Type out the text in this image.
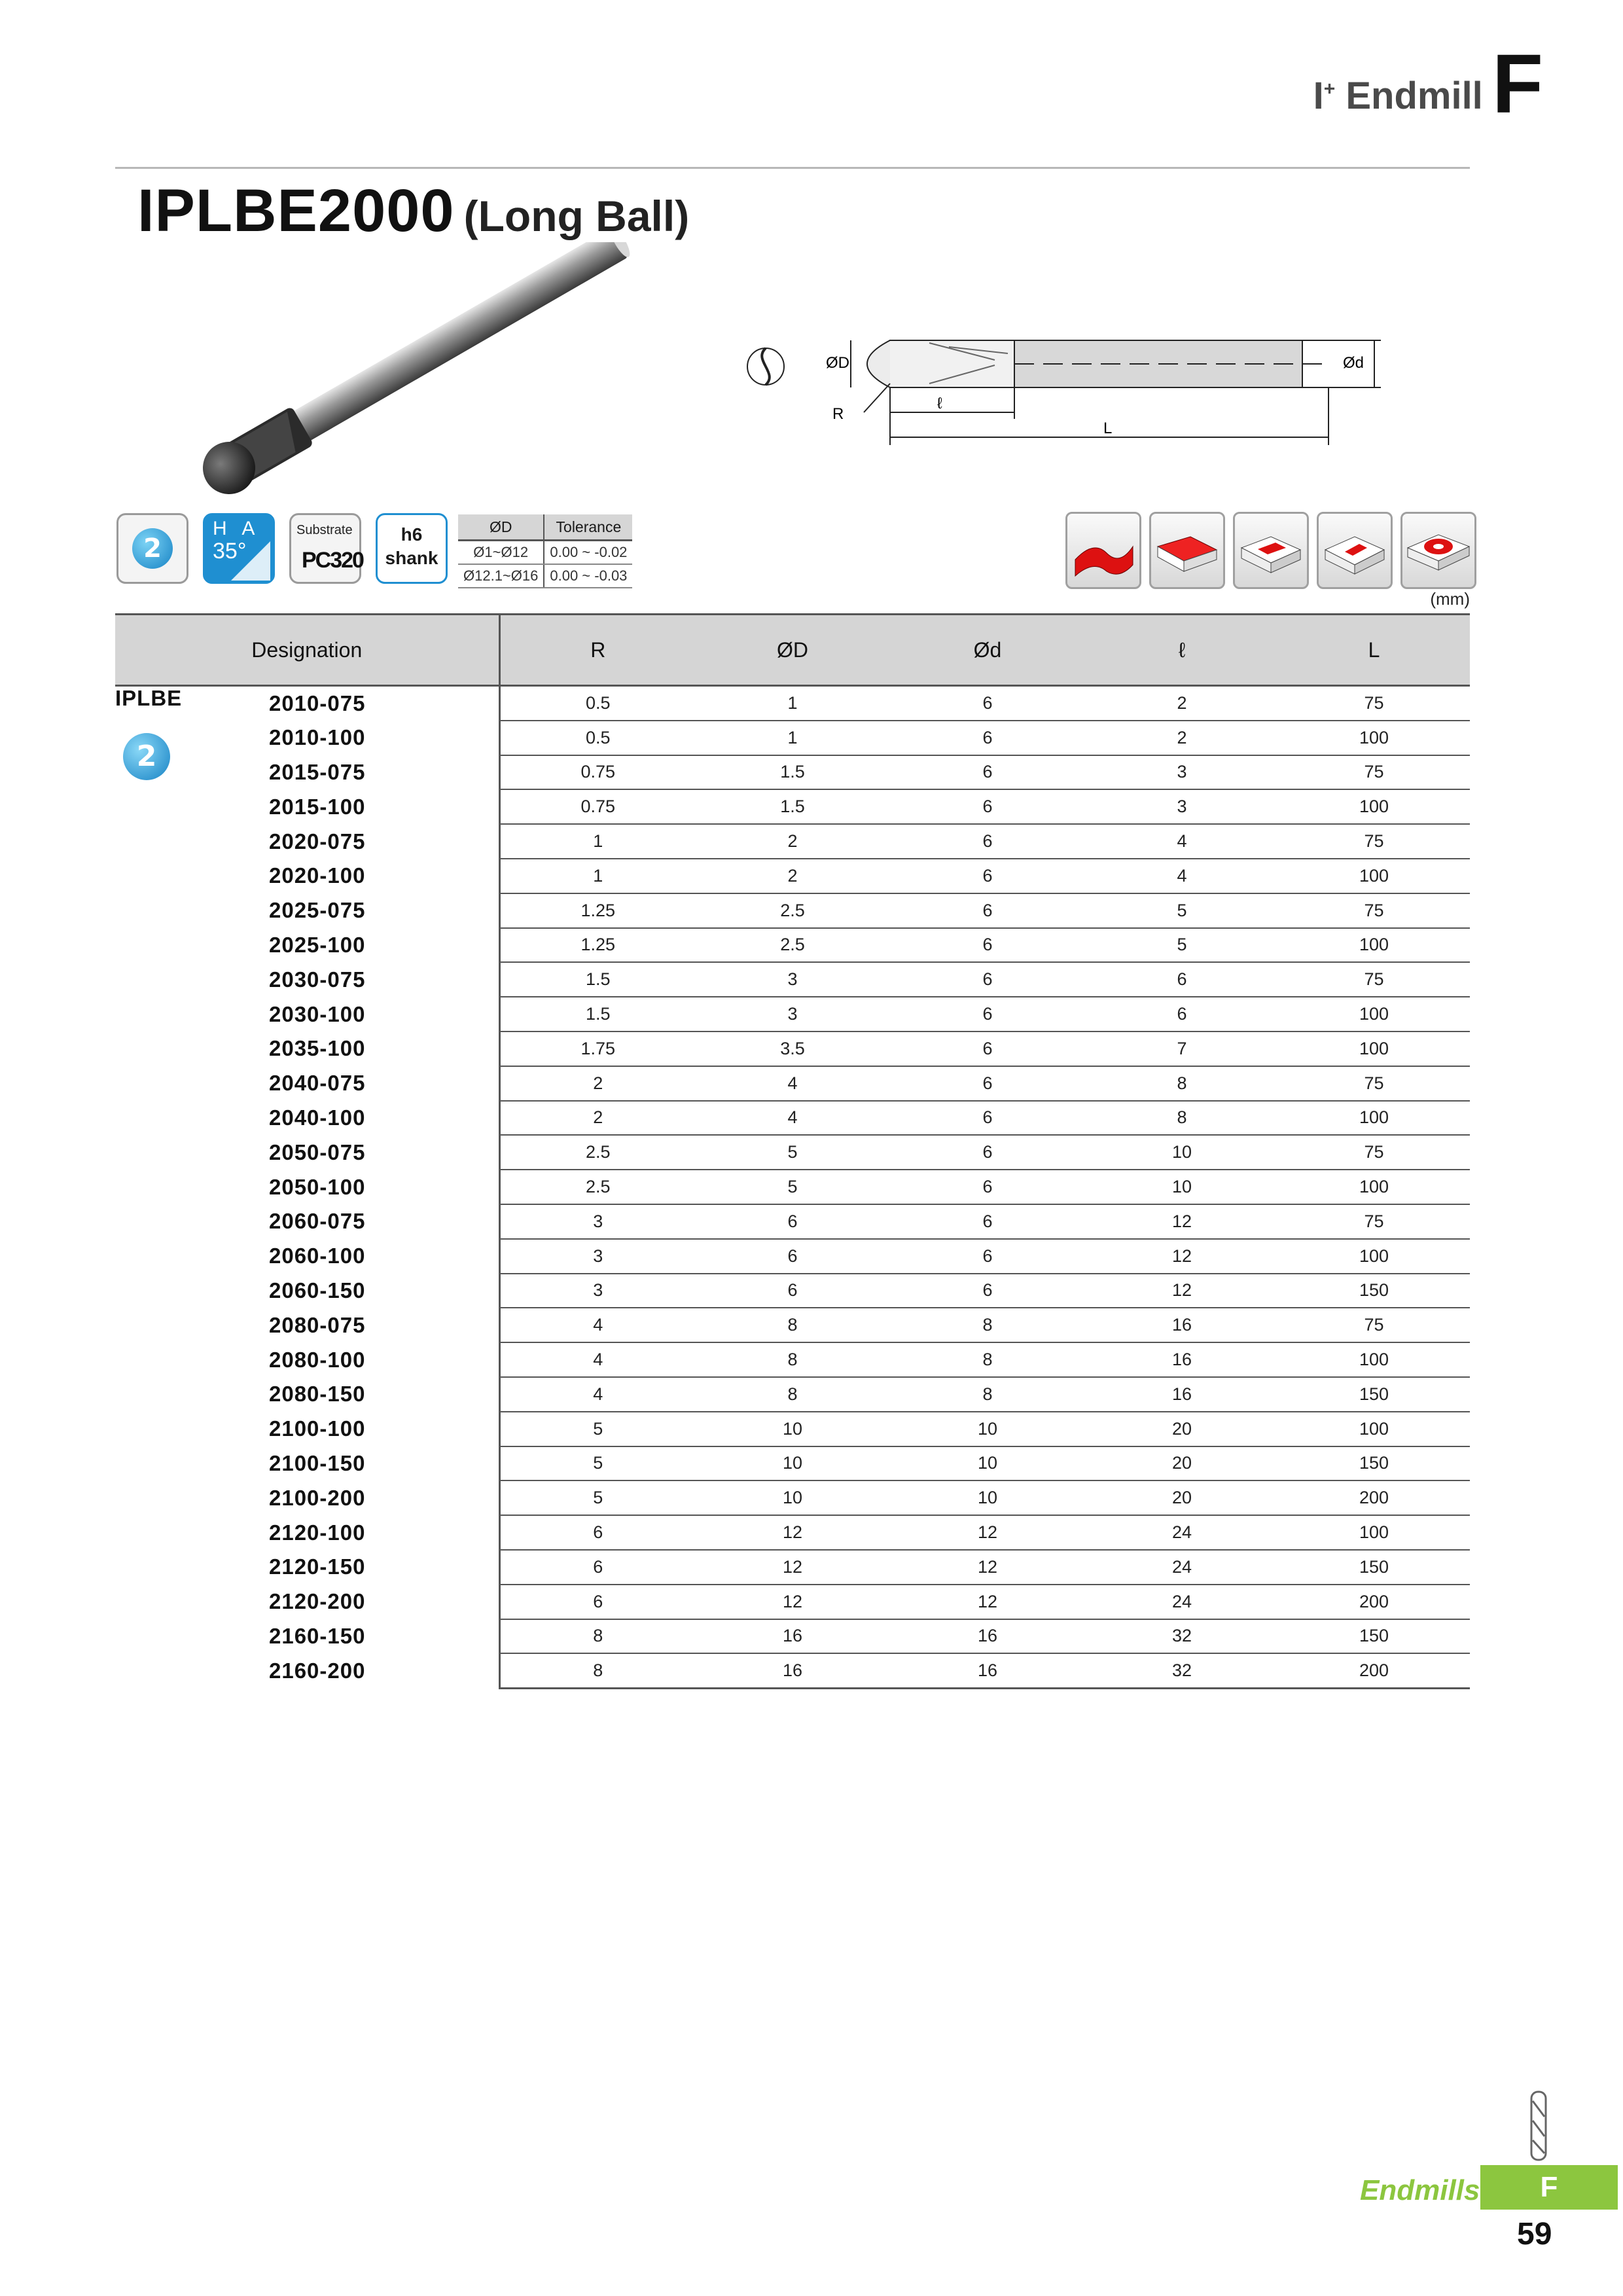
I+ Endmill F
IPLBE2000 (Long Ball)
ØD	Ød
R
ℓ
L
2
H A
35°
Substrate
PC320
h6
shank
ØD	Tolerance
Ø1~Ø12	0.00 ~ -0.02
Ø12.1~Ø16	0.00 ~ -0.03
(mm)
Designation	R	ØD	Ød	ℓ	L
2010-075	0.5	1	6	2	75
2010-100	0.5	1	6	2	100
2015-075	0.75	1.5	6	3	75
2015-100	0.75	1.5	6	3	100
2020-075	1	2	6	4	75
2020-100	1	2	6	4	100
2025-075	1.25	2.5	6	5	75
2025-100	1.25	2.5	6	5	100
2030-075	1.5	3	6	6	75
2030-100	1.5	3	6	6	100
2035-100	1.75	3.5	6	7	100
2040-075	2	4	6	8	75
2040-100	2	4	6	8	100
2050-075	2.5	5	6	10	75
2050-100	2.5	5	6	10	100
2060-075	3	6	6	12	75
2060-100	3	6	6	12	100
2060-150	3	6	6	12	150
2080-075	4	8	8	16	75
2080-100	4	8	8	16	100
2080-150	4	8	8	16	150
2100-100	5	10	10	20	100
2100-150	5	10	10	20	150
2100-200	5	10	10	20	200
2120-100	6	12	12	24	100
2120-150	6	12	12	24	150
2120-200	6	12	12	24	200
2160-150	8	16	16	32	150
2160-200	8	16	16	32	200
IPLBE
2
Endmills	F
59
